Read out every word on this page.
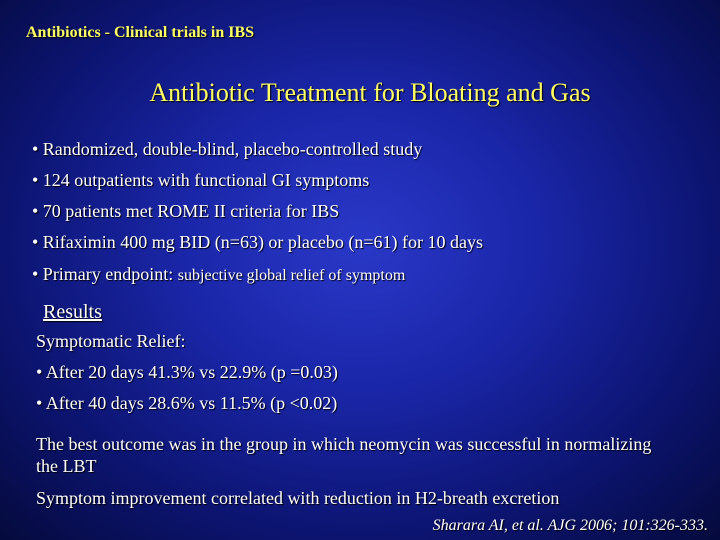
Antibiotics - Clinical trials in IBS
Antibiotic Treatment for Bloating and Gas
• Randomized, double-blind, placebo-controlled study
• 124 outpatients with functional GI symptoms
• 70 patients met ROME II criteria for IBS
• Rifaximin 400 mg BID (n=63) or placebo (n=61) for 10 days
• Primary endpoint: subjective global relief of symptom
Results
Symptomatic Relief:
• After 20 days 41.3% vs 22.9% (p =0.03)
• After 40 days 28.6% vs 11.5% (p <0.02)
The best outcome was in the group in which neomycin was successful in normalizing the LBT
Symptom improvement correlated with reduction in H2-breath excretion
Sharara AI, et al. AJG 2006; 101:326-333.
